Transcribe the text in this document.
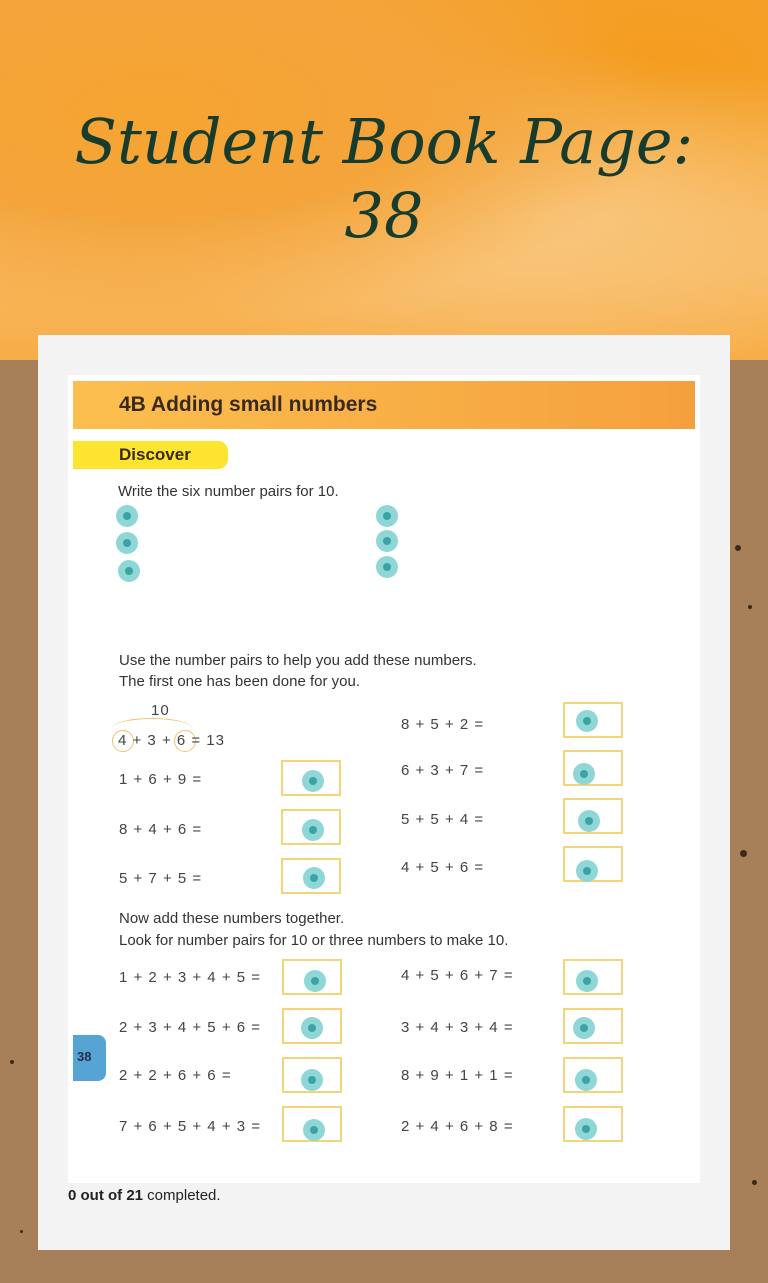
Student Book Page:
38
4B Adding small numbers
Discover
Write the six number pairs for 10.
Use the number pairs to help you add these numbers.
The first one has been done for you.
10
4 + 3 + 6 = 13
1 + 6 + 9 =
8 + 4 + 6 =
5 + 7 + 5 =
8 + 5 + 2 =
6 + 3 + 7 =
5 + 5 + 4 =
4 + 5 + 6 =
Now add these numbers together.
Look for number pairs for 10 or three numbers to make 10.
1 + 2 + 3 + 4 + 5 =
2 + 3 + 4 + 5 + 6 =
2 + 2 + 6 + 6 =
7 + 6 + 5 + 4 + 3 =
4 + 5 + 6 + 7 =
3 + 4 + 3 + 4 =
8 + 9 + 1 + 1 =
2 + 4 + 6 + 8 =
38
0 out of 21 completed.
